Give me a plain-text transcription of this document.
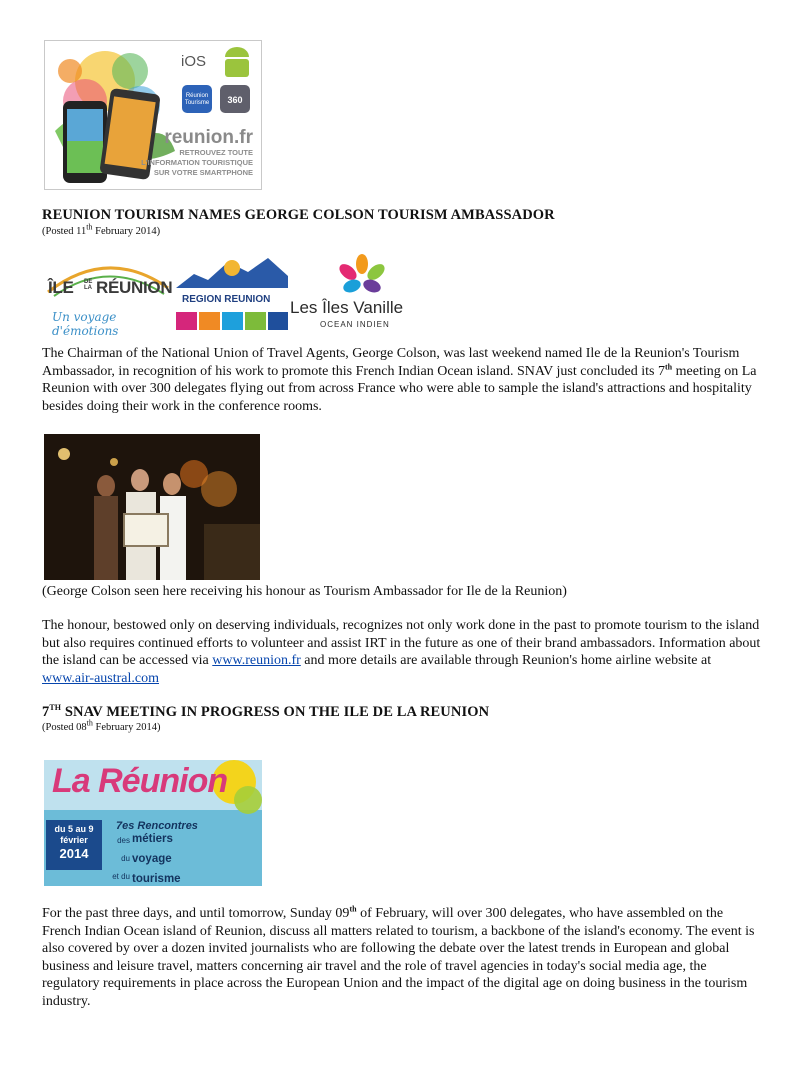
iOS
Réunion Tourisme	360
reunion.fr
RETROUVEZ TOUTE
L'INFORMATION TOURISTIQUE
SUR VOTRE SMARTPHONE
REUNION TOURISM NAMES GEORGE COLSON TOURISM AMBASSADOR
(Posted 11th February 2014)
ÎLE DE LA RÉUNION
Un voyage d'émotions
REGION REUNION Les Îles Vanille
OCEAN INDIEN

The Chairman of the National Union of Travel Agents, George Colson, was last weekend named Ile de la Reunion's Tourism Ambassador, in recognition of his work to promote this French Indian Ocean island. SNAV just concluded its 7th meeting on La Reunion with over 300 delegates flying out from across France who were able to sample the island's attractions and hospitality besides doing their work in the conference rooms.

(George Colson seen here receiving his honour as Tourism Ambassador for Ile de la Reunion)

The honour, bestowed only on deserving individuals, recognizes not only work done in the past to promote tourism to the island but also requires continued efforts to volunteer and assist IRT in the future as one of their brand ambassadors. Information about the island can be accessed via www.reunion.fr and more details are available through Reunion's home airline website at www.air-austral.com

7TH SNAV MEETING IN PROGRESS ON THE ILE DE LA REUNION
(Posted 08th February 2014)
La Réunion
du 5 au 9
février
2014
7es Rencontres
des

du

et du
métiers
voyage
tourisme

For the past three days, and until tomorrow, Sunday 09th of February, will over 300 delegates, who have assembled on the French Indian Ocean island of Reunion, discuss all matters related to tourism, a backbone of the island's economy. The event is also covered by over a dozen invited journalists who are following the debate over the latest trends in European and global business and leisure travel, matters concerning air travel and the role of travel agencies in today's social media age, the regulatory requirements in place across the European Union and the impact of the digital age on doing business in the tourism industry.
